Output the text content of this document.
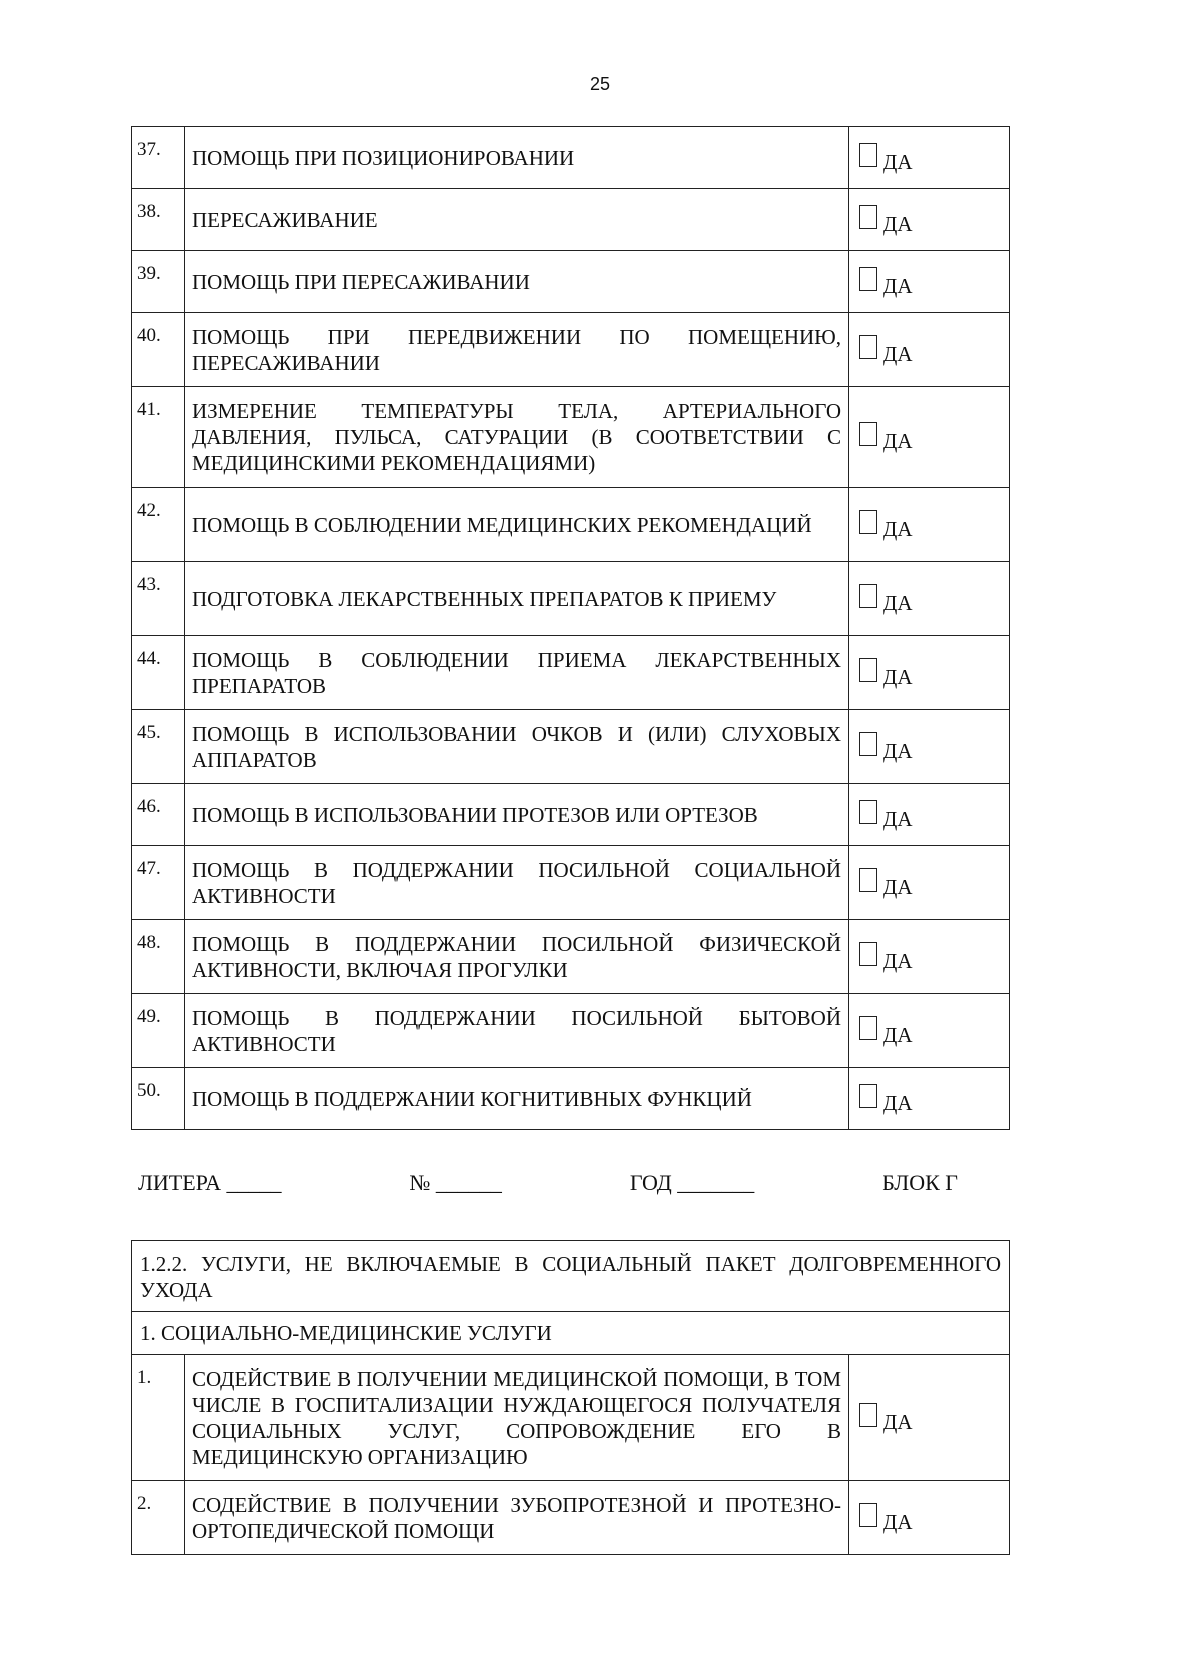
25
37.	ПОМОЩЬ ПРИ ПОЗИЦИОНИРОВАНИИ	ДА

38.	ПЕРЕСАЖИВАНИЕ	ДА

39.	ПОМОЩЬ ПРИ ПЕРЕСАЖИВАНИИ	ДА

40.	ПОМОЩЬ ПРИ ПЕРЕДВИЖЕНИИ ПО ПОМЕЩЕНИЮ, ПЕРЕСАЖИВАНИИ	ДА

41.	ИЗМЕРЕНИЕ ТЕМПЕРАТУРЫ ТЕЛА, АРТЕРИАЛЬНОГО ДАВЛЕНИЯ, ПУЛЬСА, САТУРАЦИИ (В СООТВЕТСТВИИ С МЕДИЦИНСКИМИ РЕКОМЕНДАЦИЯМИ)	ДА

42.	ПОМОЩЬ В СОБЛЮДЕНИИ МЕДИЦИНСКИХ РЕКОМЕНДАЦИЙ	ДА

43.	ПОДГОТОВКА ЛЕКАРСТВЕННЫХ ПРЕПАРАТОВ К ПРИЕМУ	ДА

44.	ПОМОЩЬ В СОБЛЮДЕНИИ ПРИЕМА ЛЕКАРСТВЕННЫХ ПРЕПАРАТОВ	ДА

45.	ПОМОЩЬ В ИСПОЛЬЗОВАНИИ ОЧКОВ И (ИЛИ) СЛУХОВЫХ АППАРАТОВ	ДА

46.	ПОМОЩЬ В ИСПОЛЬЗОВАНИИ ПРОТЕЗОВ ИЛИ ОРТЕЗОВ	ДА

47.	ПОМОЩЬ В ПОДДЕРЖАНИИ ПОСИЛЬНОЙ СОЦИАЛЬНОЙ АКТИВНОСТИ	ДА

48.	ПОМОЩЬ В ПОДДЕРЖАНИИ ПОСИЛЬНОЙ ФИЗИЧЕСКОЙ АКТИВНОСТИ, ВКЛЮЧАЯ ПРОГУЛКИ	ДА

49.	ПОМОЩЬ В ПОДДЕРЖАНИИ ПОСИЛЬНОЙ БЫТОВОЙ АКТИВНОСТИ	ДА

50.	ПОМОЩЬ В ПОДДЕРЖАНИИ КОГНИТИВНЫХ ФУНКЦИЙ	ДА
ЛИТЕРА _____	№ ______	ГОД _______	БЛОК Г
1.2.2. УСЛУГИ, НЕ ВКЛЮЧАЕМЫЕ В СОЦИАЛЬНЫЙ ПАКЕТ ДОЛГОВРЕМЕННОГО УХОДА		
1. СОЦИАЛЬНО-МЕДИЦИНСКИЕ УСЛУГИ		
1.	СОДЕЙСТВИЕ В ПОЛУЧЕНИИ МЕДИЦИНСКОЙ ПОМОЩИ, В ТОМ ЧИСЛЕ В ГОСПИТАЛИЗАЦИИ НУЖДАЮЩЕГОСЯ ПОЛУЧАТЕЛЯ СОЦИАЛЬНЫХ УСЛУГ, СОПРОВОЖДЕНИЕ ЕГО В МЕДИЦИНСКУЮ ОРГАНИЗАЦИЮ	ДА

2.	СОДЕЙСТВИЕ В ПОЛУЧЕНИИ ЗУБОПРОТЕЗНОЙ И ПРОТЕЗНО-ОРТОПЕДИЧЕСКОЙ ПОМОЩИ	ДА
